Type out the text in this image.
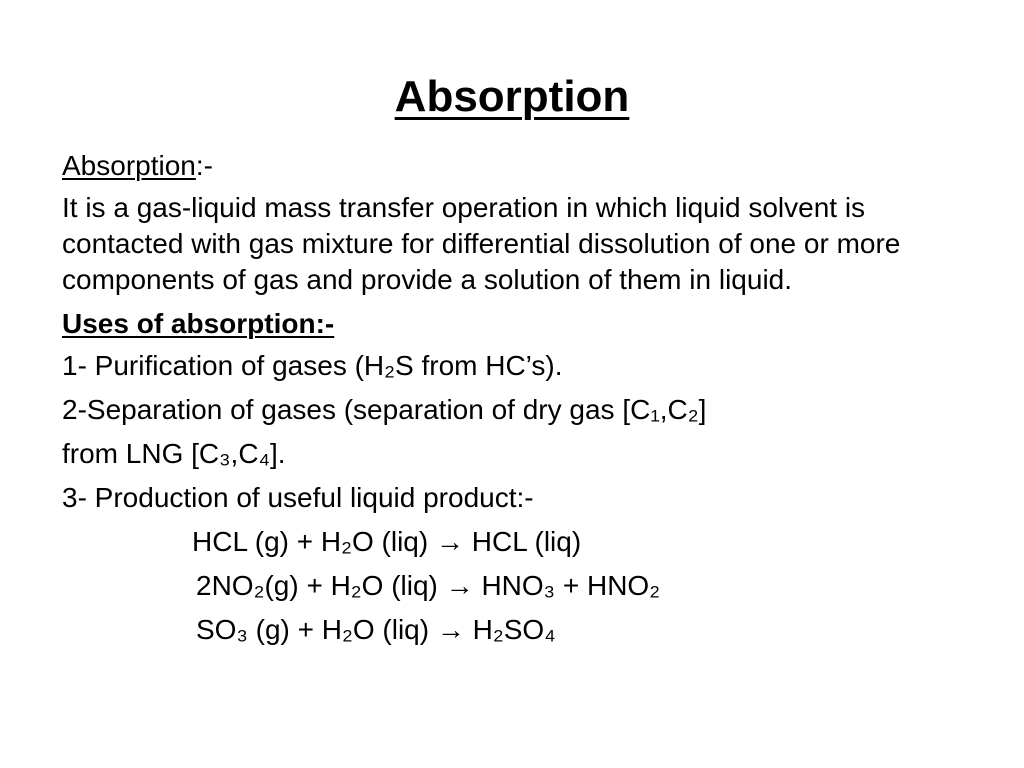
Absorption
Absorption:-
It is a gas-liquid mass transfer operation in which liquid solvent is contacted with gas mixture for differential dissolution of one or more components of gas and provide a solution of them in liquid.
Uses of absorption:-
1- Purification of gases (H₂S from HC’s).
2-Separation of gases (separation of dry gas [C₁,C₂]
from LNG [C₃,C₄].
3- Production of useful liquid product:-
HCL (g) + H₂O (liq) → HCL (liq)
2NO₂(g) + H₂O (liq) → HNO₃ + HNO₂
SO₃ (g) + H₂O (liq) → H₂SO₄
